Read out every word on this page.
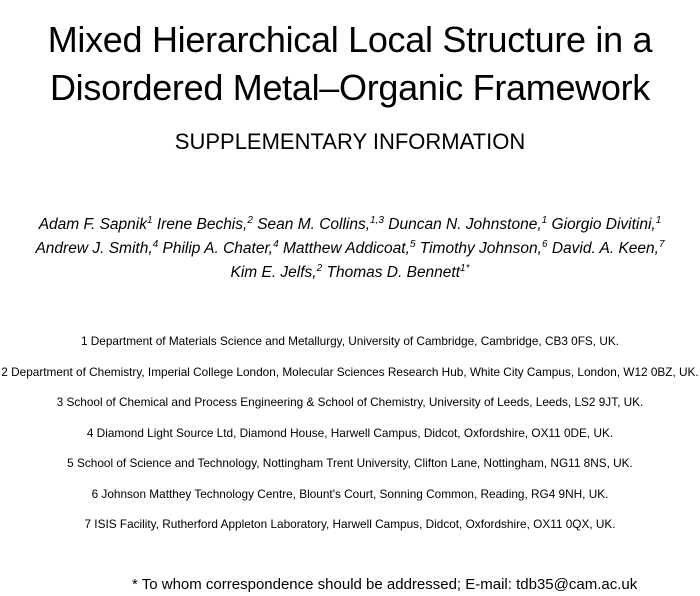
Mixed Hierarchical Local Structure in a
Disordered Metal–Organic Framework
SUPPLEMENTARY INFORMATION
Adam F. Sapnik$^1$ Irene Bechis,$^2$ Sean M. Collins,$^{1,3}$ Duncan N. Johnstone,$^1$ Giorgio Divitini,$^1$
Andrew J. Smith,$^4$ Philip A. Chater,$^4$ Matthew Addicoat,$^5$ Timothy Johnson,$^6$ David. A. Keen,$^7$
Kim E. Jelfs,$^2$ Thomas D. Bennett$^{1*}$
1 Department of Materials Science and Metallurgy, University of Cambridge, Cambridge, CB3 0FS, UK.
2 Department of Chemistry, Imperial College London, Molecular Sciences Research Hub, White City Campus, London, W12 0BZ, UK.
3 School of Chemical and Process Engineering & School of Chemistry, University of Leeds, Leeds, LS2 9JT, UK.
4 Diamond Light Source Ltd, Diamond House, Harwell Campus, Didcot, Oxfordshire, OX11 0DE, UK.
5 School of Science and Technology, Nottingham Trent University, Clifton Lane, Nottingham, NG11 8NS, UK.
6 Johnson Matthey Technology Centre, Blount's Court, Sonning Common, Reading, RG4 9NH, UK.
7 ISIS Facility, Rutherford Appleton Laboratory, Harwell Campus, Didcot, Oxfordshire, OX11 0QX, UK.
* To whom correspondence should be addressed; E-mail: tdb35@cam.ac.uk
